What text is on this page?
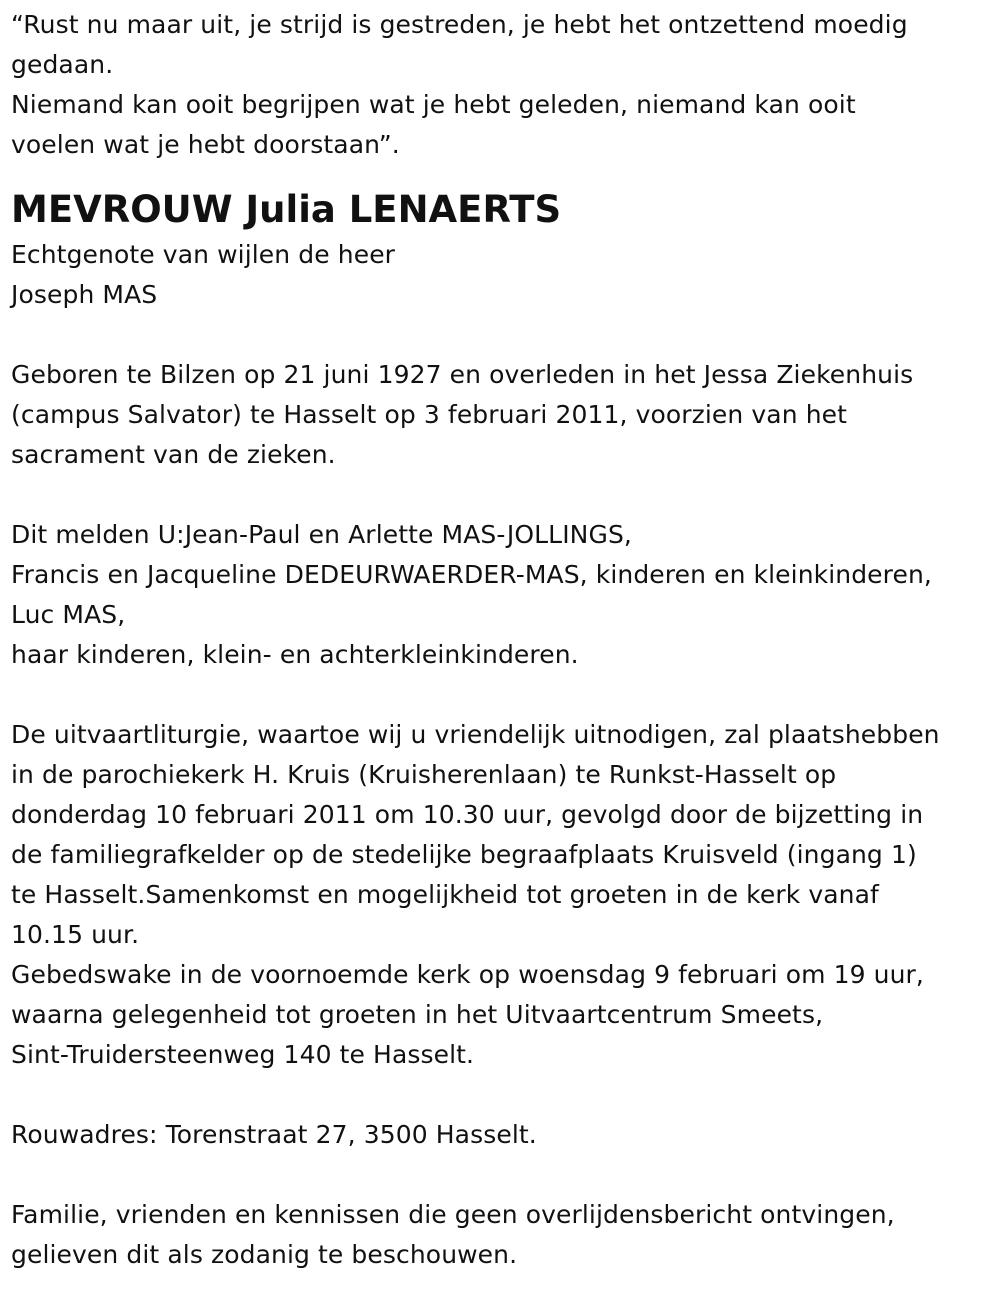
“Rust nu maar uit, je strijd is gestreden, je hebt het ontzettend moedig
gedaan.
Niemand kan ooit begrijpen wat je hebt geleden, niemand kan ooit
voelen wat je hebt doorstaan”.
MEVROUW Julia LENAERTS
Echtgenote van wijlen de heer
Joseph MAS
Geboren te Bilzen op 21 juni 1927 en overleden in het Jessa Ziekenhuis
(campus Salvator) te Hasselt op 3 februari 2011, voorzien van het
sacrament van de zieken.
Dit melden U:Jean-Paul en Arlette MAS-JOLLINGS,
Francis en Jacqueline DEDEURWAERDER-MAS, kinderen en kleinkinderen,
Luc MAS,
haar kinderen, klein- en achterkleinkinderen.
De uitvaartliturgie, waartoe wij u vriendelijk uitnodigen, zal plaatshebben
in de parochiekerk H. Kruis (Kruisherenlaan) te Runkst-Hasselt op
donderdag 10 februari 2011 om 10.30 uur, gevolgd door de bijzetting in
de familiegrafkelder op de stedelijke begraafplaats Kruisveld (ingang 1)
te Hasselt.Samenkomst en mogelijkheid tot groeten in de kerk vanaf
10.15 uur.
Gebedswake in de voornoemde kerk op woensdag 9 februari om 19 uur,
waarna gelegenheid tot groeten in het Uitvaartcentrum Smeets,
Sint-Truidersteenweg 140 te Hasselt.
Rouwadres: Torenstraat 27, 3500 Hasselt.
Familie, vrienden en kennissen die geen overlijdensbericht ontvingen,
gelieven dit als zodanig te beschouwen.
